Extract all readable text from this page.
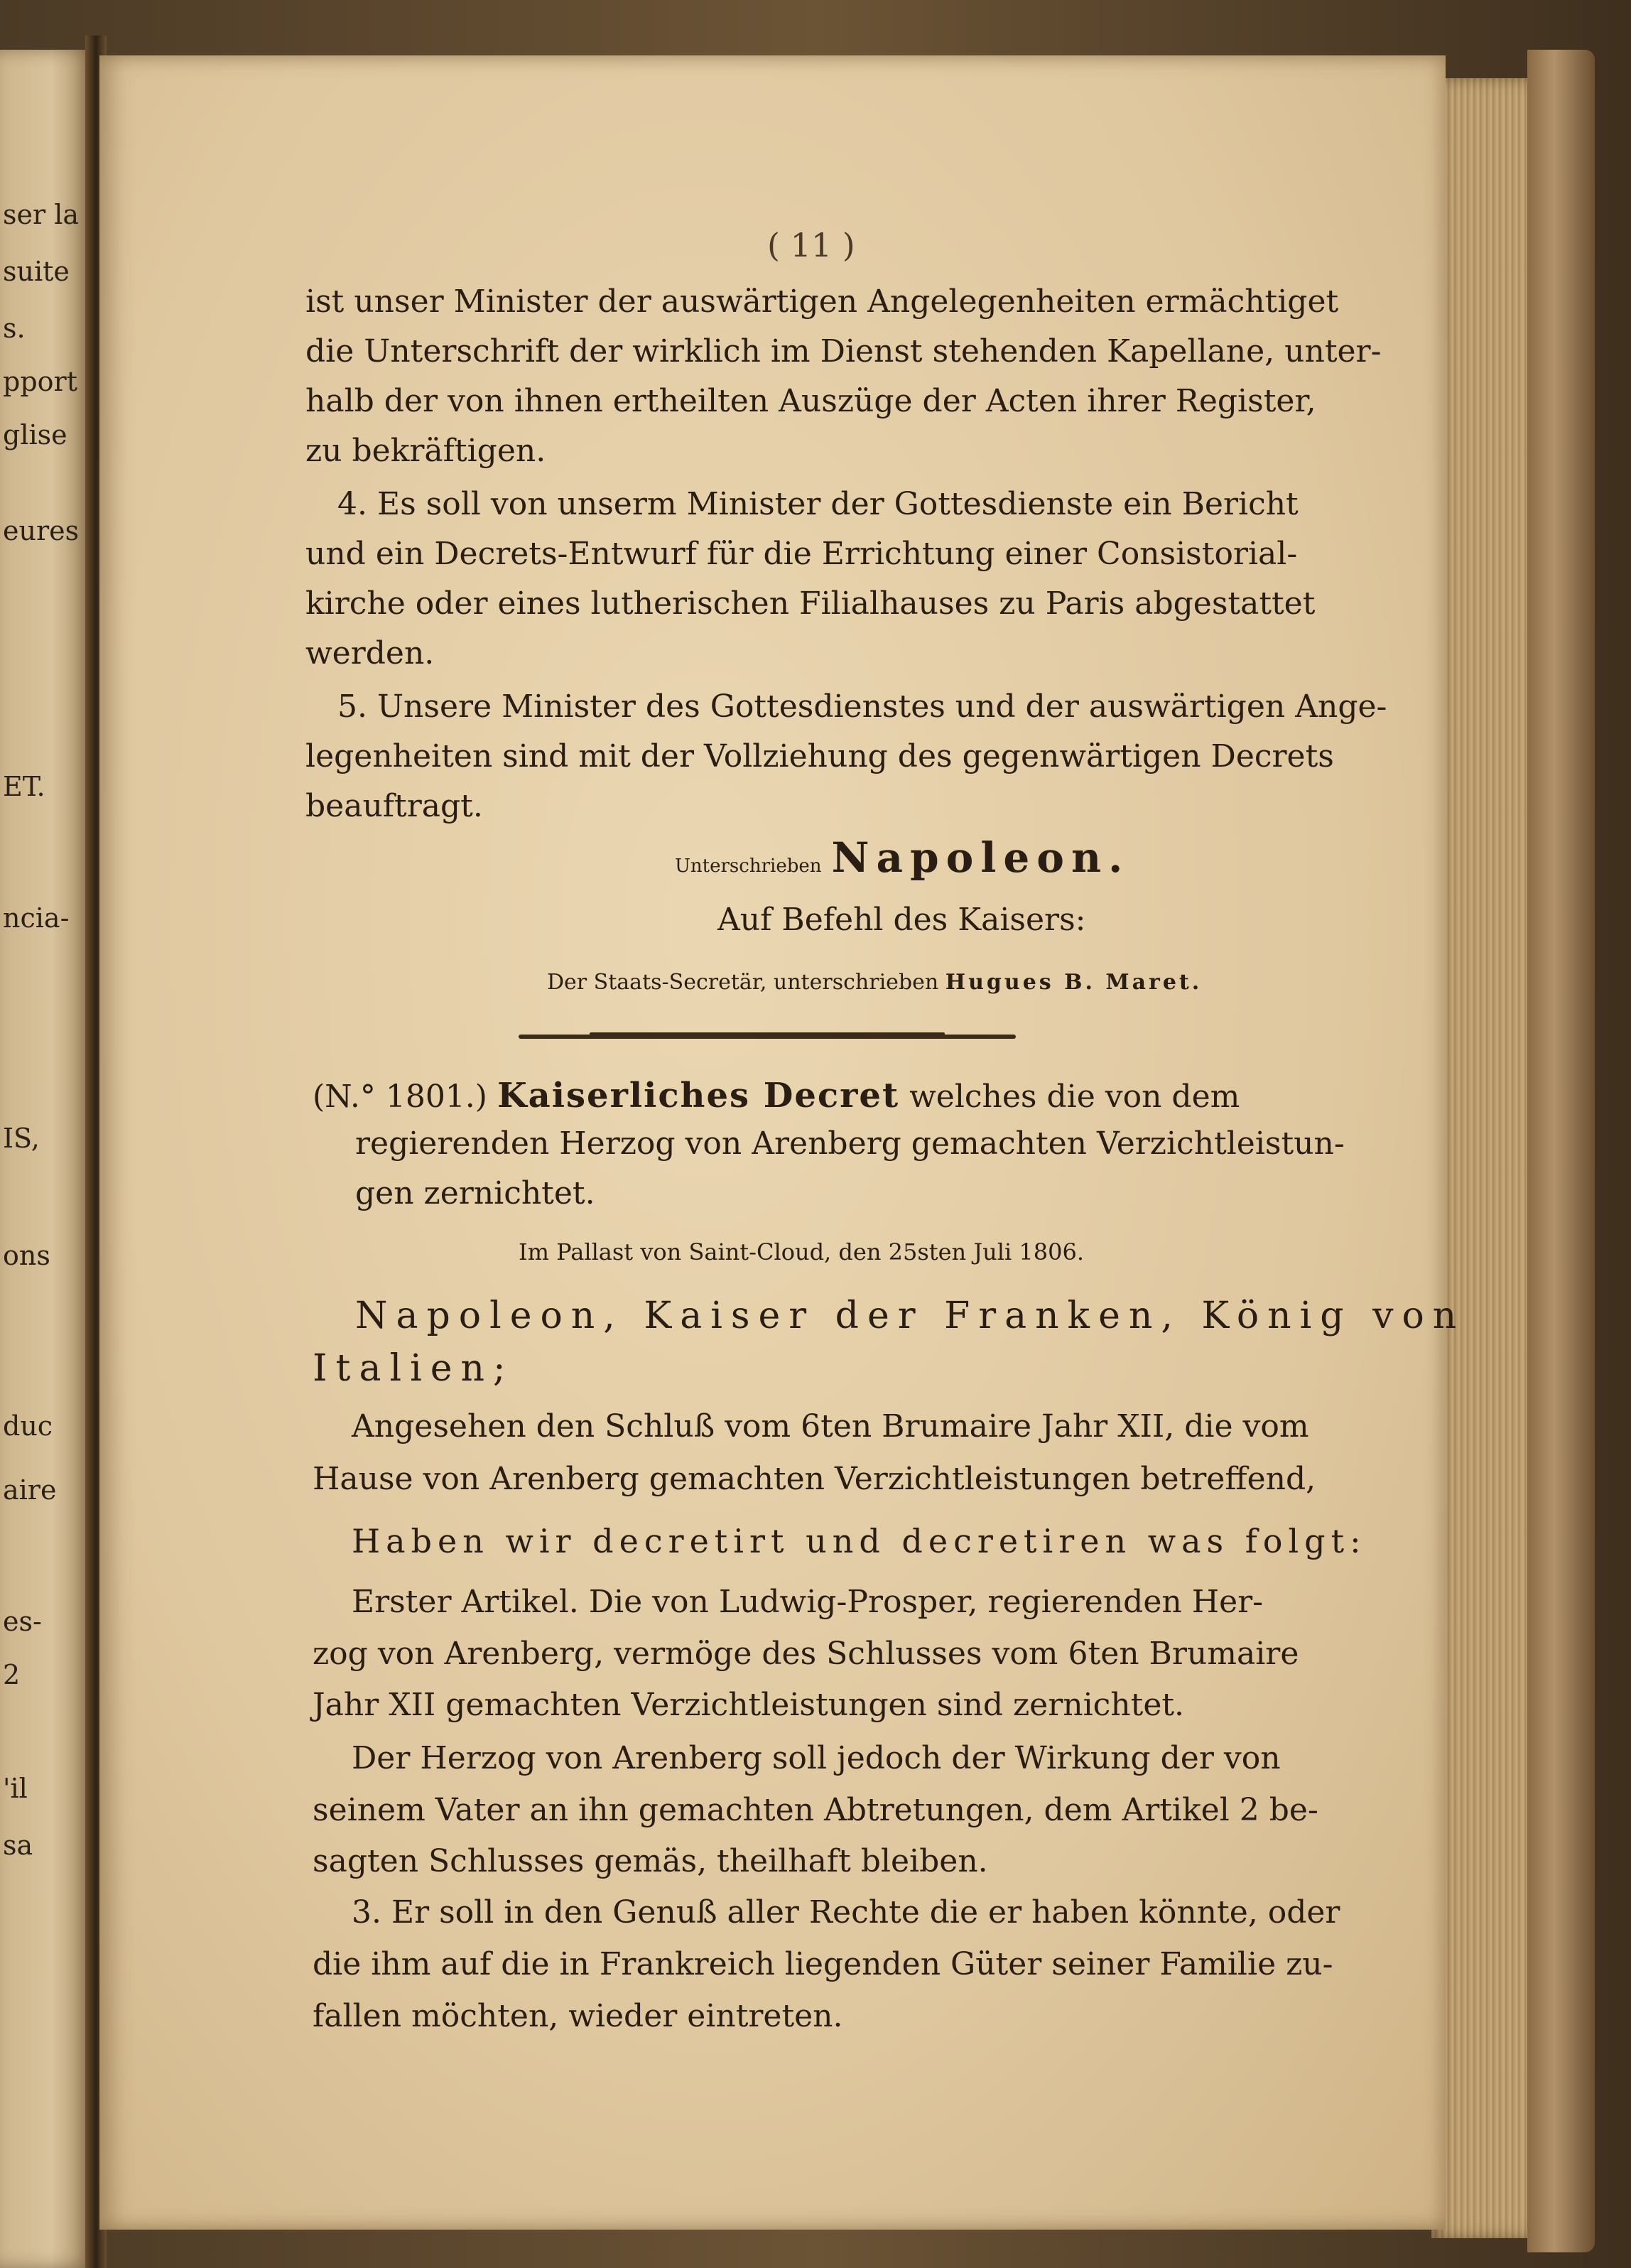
ser la
suite
s.
pport
glise
eures
ET.
ncia-
IS,
ons
duc
aire
es-
2
'il
sa
( 11 )
ist unser Minister der auswärtigen Angelegenheiten ermächtiget
die Unterschrift der wirklich im Dienst stehenden Kapellane, unter-
halb der von ihnen ertheilten Auszüge der Acten ihrer Register,
zu bekräftigen.
4. Es soll von unserm Minister der Gottesdienste ein Bericht
und ein Decrets-Entwurf für die Errichtung einer Consistorial-
kirche oder eines lutherischen Filialhauses zu Paris abgestattet
werden.
5. Unsere Minister des Gottesdienstes und der auswärtigen Ange-
legenheiten sind mit der Vollziehung des gegenwärtigen Decrets
beauftragt.
Unterschrieben Napoleon.
Auf Befehl des Kaisers:
Der Staats-Secretär, unterschrieben Hugues B. Maret.
(N.° 1801.) Kaiserliches Decret welches die von dem
regierenden Herzog von Arenberg gemachten Verzichtleistun-
gen zernichtet.
Im Pallast von Saint-Cloud, den 25sten Juli 1806.
Napoleon, Kaiser der Franken, König von
Italien;
Angesehen den Schluß vom 6ten Brumaire Jahr XII, die vom
Hause von Arenberg gemachten Verzichtleistungen betreffend,
Haben wir decretirt und decretiren was folgt:
Erster Artikel. Die von Ludwig-Prosper, regierenden Her-
zog von Arenberg, vermöge des Schlusses vom 6ten Brumaire
Jahr XII gemachten Verzichtleistungen sind zernichtet.
Der Herzog von Arenberg soll jedoch der Wirkung der von
seinem Vater an ihn gemachten Abtretungen, dem Artikel 2 be-
sagten Schlusses gemäs, theilhaft bleiben.
3. Er soll in den Genuß aller Rechte die er haben könnte, oder
die ihm auf die in Frankreich liegenden Güter seiner Familie zu-
fallen möchten, wieder eintreten.
